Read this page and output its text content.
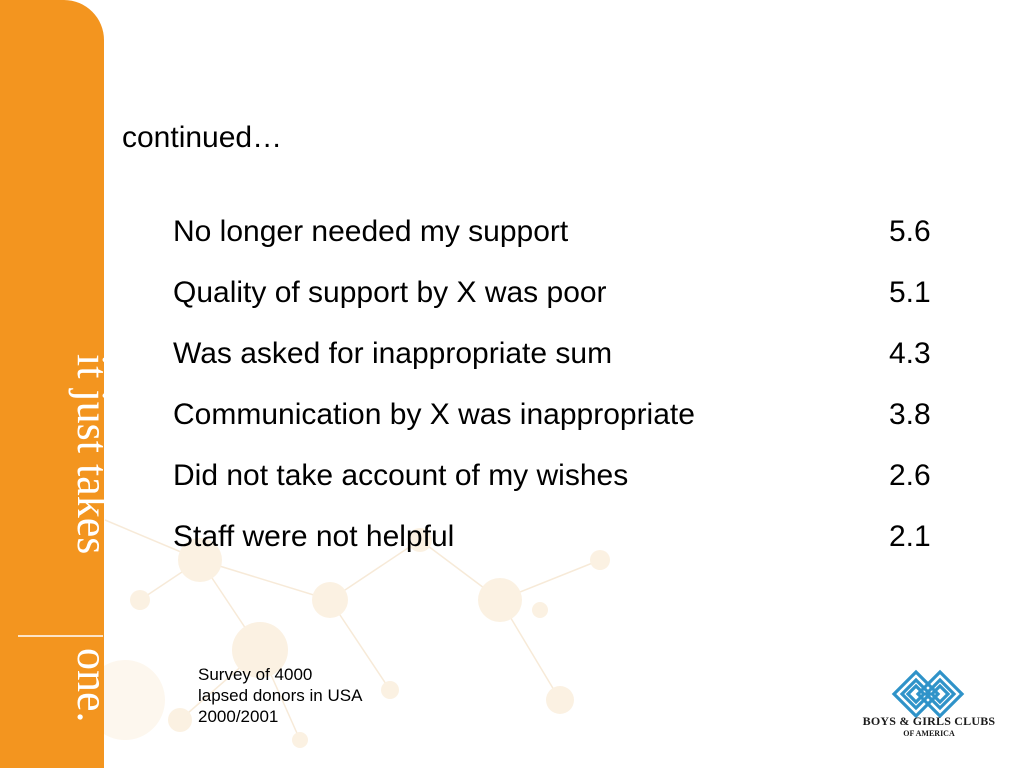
it just takes
one.
continued…
No longer needed my support	5.6
Quality of support by X was poor	5.1
Was asked for inappropriate sum	4.3
Communication by X was inappropriate	3.8
Did not take account of my wishes	2.6
Staff were not helpful	2.1
Survey of 4000
lapsed donors in USA
2000/2001	BOYS & GIRLS CLUBS
OF AMERICA
